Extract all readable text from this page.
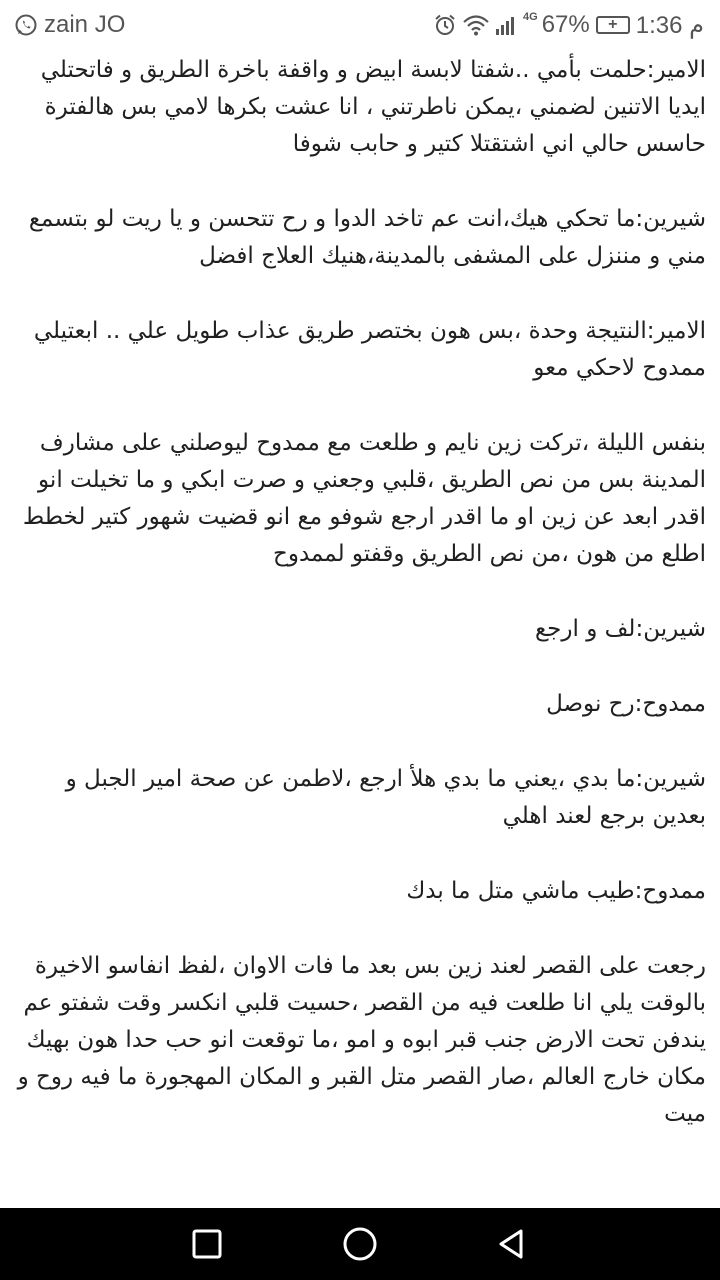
zain JO	4G 67%	+ 1:36 م

الامير:حلمت بأمي ..شفتا لابسة ابيض و واقفة باخرة الطريق و فاتحتلي ايديا الاتنين لضمني ،يمكن ناطرتني ، انا عشت بكرها لامي بس هالفترة حاسس حالي اني اشتقتلا كتير و حابب شوفا

شيرين:ما تحكي هيك،انت عم تاخد الدوا و رح تتحسن و يا ريت لو بتسمع مني و مننزل على المشفى بالمدينة،هنيك العلاج افضل

الامير:النتيجة وحدة ،بس هون بختصر طريق عذاب طويل علي .. ابعتيلي ممدوح لاحكي معو

بنفس الليلة ،تركت زين نايم و طلعت مع ممدوح ليوصلني على مشارف المدينة بس من نص الطريق ،قلبي وجعني و صرت ابكي و ما تخيلت انو اقدر ابعد عن زين او ما اقدر ارجع شوفو مع انو قضيت شهور كتير لخطط اطلع من هون ،من نص الطريق وقفتو لممدوح

شيرين:لف و ارجع

ممدوح:رح نوصل

شيرين:ما بدي ،يعني ما بدي هلأ ارجع ،لاطمن عن صحة امير الجبل و بعدين برجع لعند اهلي

ممدوح:طيب ماشي متل ما بدك

رجعت على القصر لعند زين بس بعد ما فات الاوان ،لفظ انفاسو الاخيرة بالوقت يلي انا طلعت فيه من القصر ،حسيت قلبي انكسر وقت شفتو عم يندفن تحت الارض جنب قبر ابوه و امو ،ما توقعت انو حب حدا هون بهيك مكان خارج العالم ،صار القصر متل القبر و المكان المهجورة ما فيه روح و ميت
